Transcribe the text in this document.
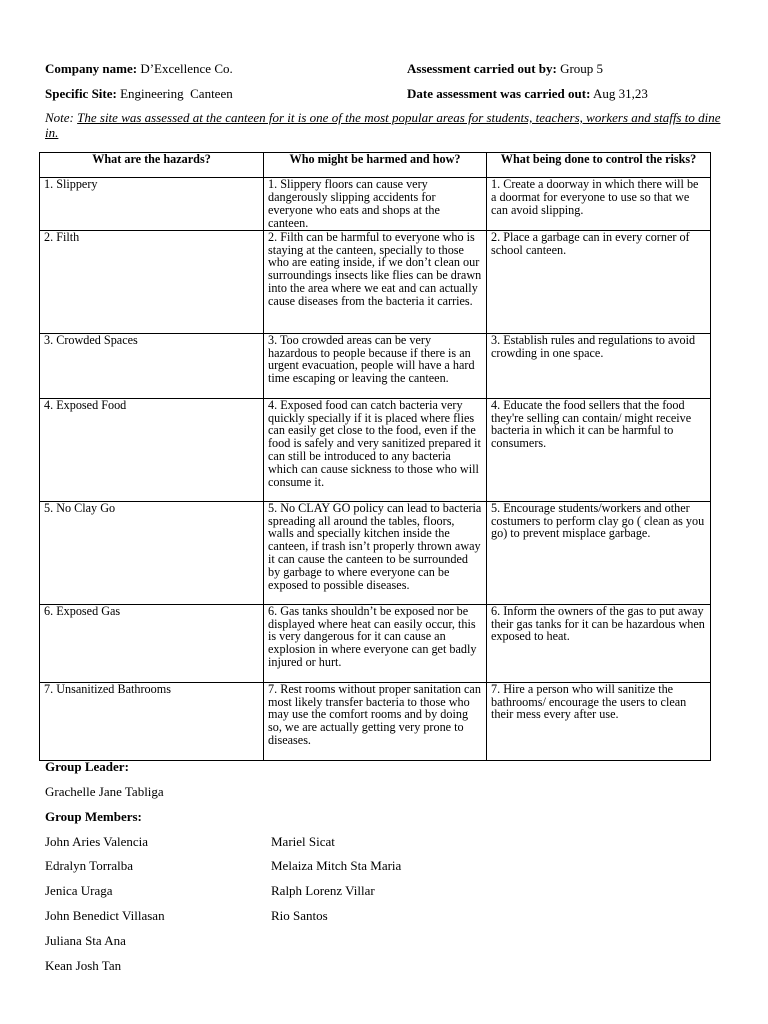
Company name: D’Excellence Co.	Assessment carried out by: Group 5
Specific Site: Engineering  Canteen	Date assessment was carried out: Aug 31,23
Note: The site was assessed at the canteen for it is one of the most popular areas for students, teachers, workers and staffs to dine in.
What are the hazards?	Who might be harmed and how?	What being done to control the risks?
1. Slippery	1. Slippery floors can cause very dangerously slipping accidents for everyone who eats and shops at the canteen.	1. Create a doorway in which there will be a doormat for everyone to use so that we can avoid slipping.
2. Filth	2. Filth can be harmful to everyone who is staying at the canteen, specially to those who are eating inside, if we don’t clean our surroundings insects like flies can be drawn into the area where we eat and can actually cause diseases from the bacteria it carries.	2. Place a garbage can in every corner of school canteen.
3. Crowded Spaces	3. Too crowded areas can be very hazardous to people because if there is an urgent evacuation, people will have a hard time escaping or leaving the canteen.	3. Establish rules and regulations to avoid crowding in one space.
4. Exposed Food	4. Exposed food can catch bacteria very quickly specially if it is placed where flies can easily get close to the food, even if the food is safely and very sanitized prepared it can still be introduced to any bacteria which can cause sickness to those who will consume it.	4. Educate the food sellers that the food they're selling can contain/ might receive bacteria in which it can be harmful to consumers.
5. No Clay Go	5. No CLAY GO policy can lead to bacteria spreading all around the tables, floors, walls and specially kitchen inside the canteen, if trash isn’t properly thrown away it can cause the canteen to be surrounded by garbage to where everyone can be exposed to possible diseases.	5. Encourage students/workers and other costumers to perform clay go ( clean as you go) to prevent misplace garbage.
6. Exposed Gas	6. Gas tanks shouldn’t be exposed nor be displayed where heat can easily occur, this is very dangerous for it can cause an explosion in where everyone can get badly injured or hurt.	6. Inform the owners of the gas to put away their gas tanks for it can be hazardous when exposed to heat.
7. Unsanitized Bathrooms	7. Rest rooms without proper sanitation can most likely transfer bacteria to those who may use the comfort rooms and by doing so, we are actually getting very prone to diseases.	7. Hire a person who will sanitize the bathrooms/ encourage the users to clean their mess every after use.
Group Leader:
Grachelle Jane Tabliga
Group Members:
John Aries Valencia
Edralyn Torralba
Jenica Uraga
John Benedict Villasan
Juliana Sta Ana
Kean Josh Tan
Mariel Sicat
Melaiza Mitch Sta Maria
Ralph Lorenz Villar
Rio Santos
